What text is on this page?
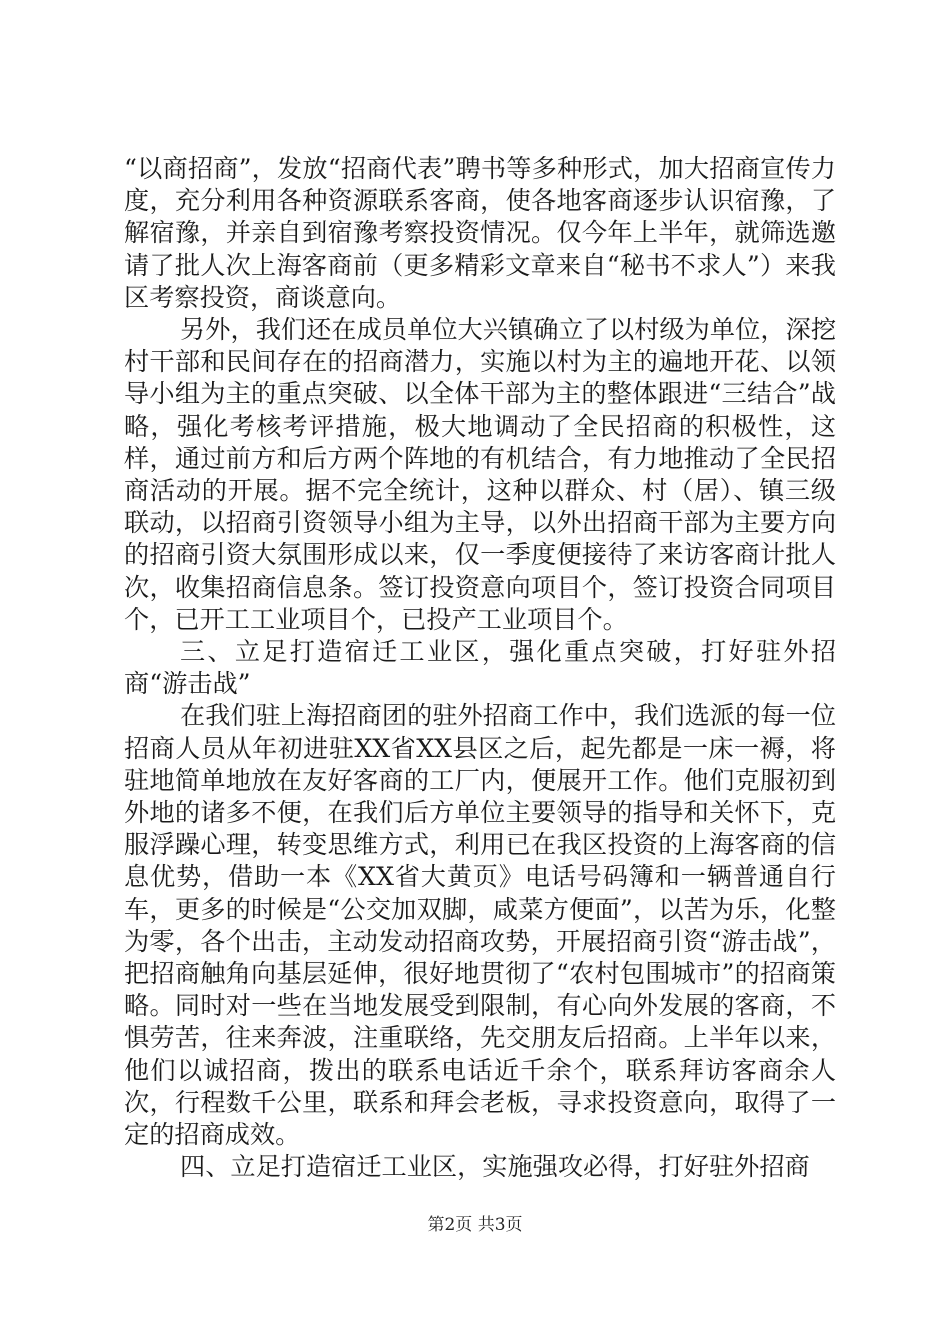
“以商招商”，发放“招商代表”聘书等多种形式，加大招商宣传力度，充分利用各种资源联系客商，使各地客商逐步认识宿豫，了解宿豫，并亲自到宿豫考察投资情况。仅今年上半年，就筛选邀请了批人次上海客商前（更多精彩文章来自“秘书不求人”）来我区考察投资，商谈意向。

另外，我们还在成员单位大兴镇确立了以村级为单位，深挖村干部和民间存在的招商潜力，实施以村为主的遍地开花、以领导小组为主的重点突破、以全体干部为主的整体跟进“三结合”战略，强化考核考评措施，极大地调动了全民招商的积极性，这样，通过前方和后方两个阵地的有机结合，有力地推动了全民招商活动的开展。据不完全统计，这种以群众、村（居）、镇三级联动，以招商引资领导小组为主导，以外出招商干部为主要方向的招商引资大氛围形成以来，仅一季度便接待了来访客商计批人次，收集招商信息条。签订投资意向项目个，签订投资合同项目个，已开工工业项目个，已投产工业项目个。

三、立足打造宿迁工业区，强化重点突破，打好驻外招商“游击战”

在我们驻上海招商团的驻外招商工作中，我们选派的每一位招商人员从年初进驻XX省XX县区之后，起先都是一床一褥，将驻地简单地放在友好客商的工厂内，便展开工作。他们克服初到外地的诸多不便，在我们后方单位主要领导的指导和关怀下，克服浮躁心理，转变思维方式，利用已在我区投资的上海客商的信息优势，借助一本《XX省大黄页》电话号码簿和一辆普通自行车，更多的时候是“公交加双脚，咸菜方便面”，以苦为乐，化整为零，各个出击，主动发动招商攻势，开展招商引资“游击战”，把招商触角向基层延伸，很好地贯彻了“农村包围城市”的招商策略。同时对一些在当地发展受到限制，有心向外发展的客商，不惧劳苦，往来奔波，注重联络，先交朋友后招商。上半年以来，他们以诚招商，拨出的联系电话近千余个，联系拜访客商余人次，行程数千公里，联系和拜会老板，寻求投资意向，取得了一定的招商成效。

四、立足打造宿迁工业区，实施强攻必得，打好驻外招商

第2页 共3页
